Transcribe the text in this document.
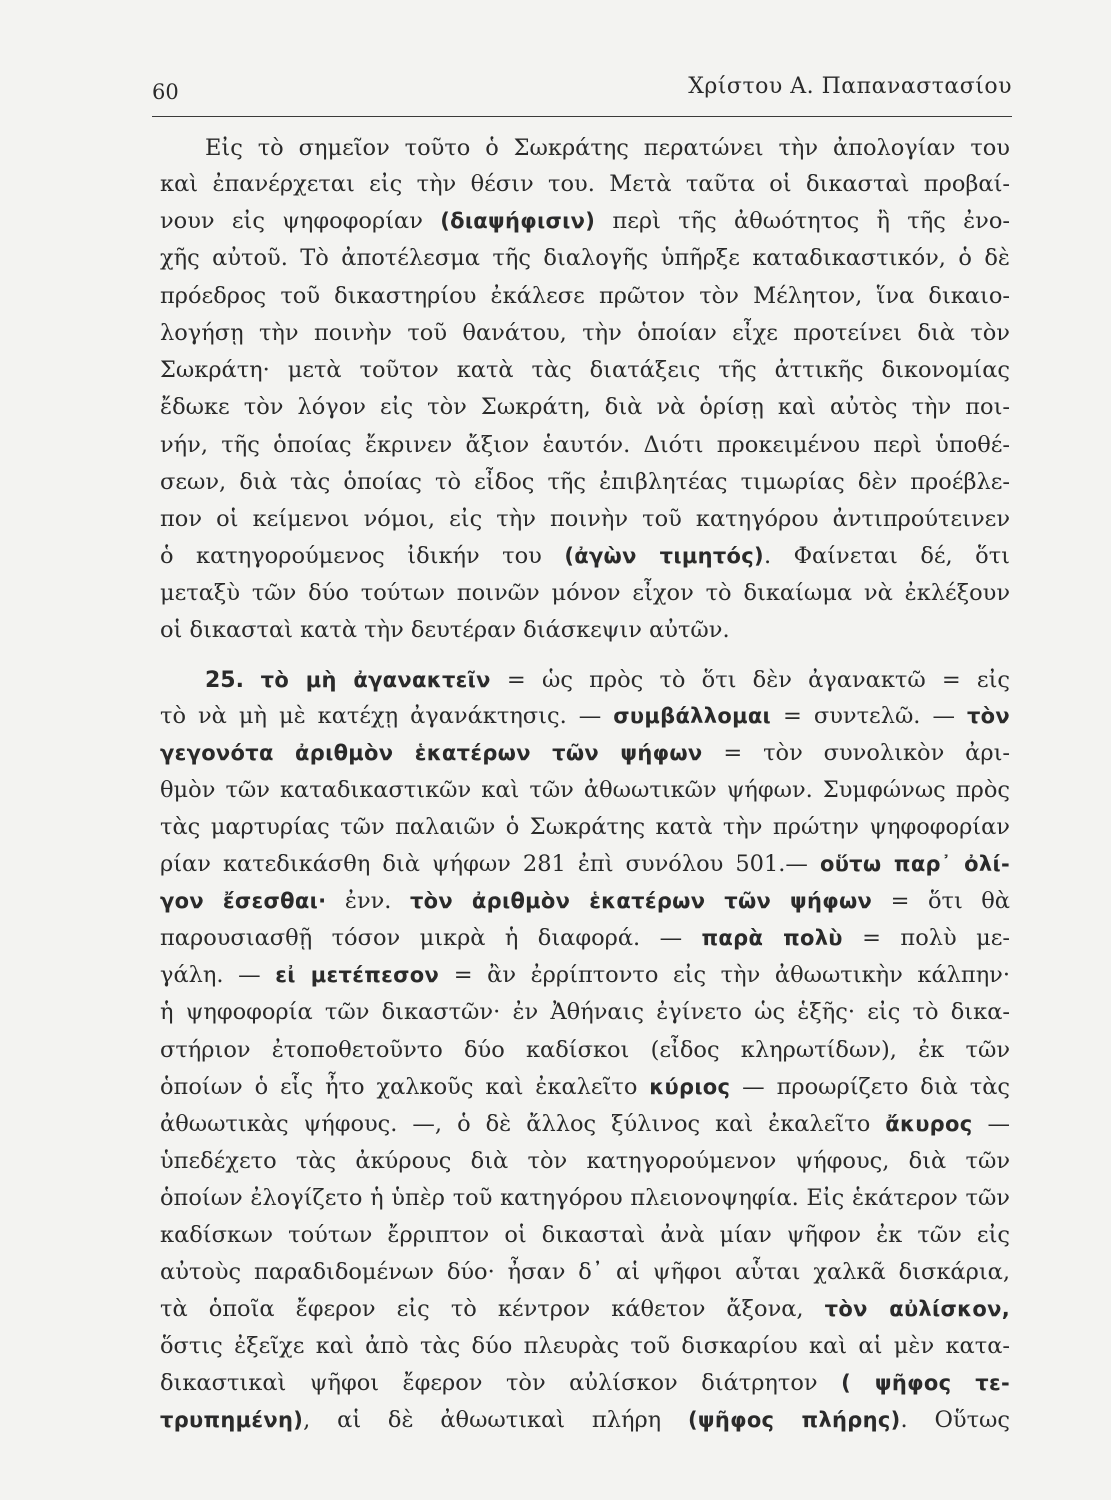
60	Χρίστου Α. Παπαναστασίου
Εἰς τὸ σημεῖον τοῦτο ὁ Σωκράτης περατώνει τὴν ἀπολογίαν του
καὶ ἐπανέρχεται εἰς τὴν θέσιν του. Μετὰ ταῦτα οἱ δικασταὶ προβαί-
νουν εἰς ψηφοφορίαν (διαψήφισιν) περὶ τῆς ἀθωότητος ἢ τῆς ἐνο-
χῆς αὐτοῦ. Τὸ ἀποτέλεσμα τῆς διαλογῆς ὑπῆρξε καταδικαστικόν, ὁ δὲ
πρόεδρος τοῦ δικαστηρίου ἐκάλεσε πρῶτον τὸν Μέλητον, ἵνα δικαιο-
λογήσῃ τὴν ποινὴν τοῦ θανάτου, τὴν ὁποίαν εἶχε προτείνει διὰ τὸν
Σωκράτη· μετὰ τοῦτον κατὰ τὰς διατάξεις τῆς ἀττικῆς δικονομίας
ἔδωκε τὸν λόγον εἰς τὸν Σωκράτη, διὰ νὰ ὁρίσῃ καὶ αὐτὸς τὴν ποι-
νήν, τῆς ὁποίας ἔκρινεν ἄξιον ἑαυτόν. Διότι προκειμένου περὶ ὑποθέ-
σεων, διὰ τὰς ὁποίας τὸ εἶδος τῆς ἐπιβλητέας τιμωρίας δὲν προέβλε-
πον οἱ κείμενοι νόμοι, εἰς τὴν ποινὴν τοῦ κατηγόρου ἀντιπρούτεινεν
ὁ κατηγορούμενος ἰδικήν του (ἀγὼν τιμητός). Φαίνεται δέ, ὅτι
μεταξὺ τῶν δύο τούτων ποινῶν μόνον εἶχον τὸ δικαίωμα νὰ ἐκλέξουν
οἱ δικασταὶ κατὰ τὴν δευτέραν διάσκεψιν αὐτῶν.
25. τὸ μὴ ἀγανακτεῖν = ὡς πρὸς τὸ ὅτι δὲν ἀγανακτῶ = εἰς
τὸ νὰ μὴ μὲ κατέχῃ ἀγανάκτησις. — συμβάλλομαι = συντελῶ. — τὸν
γεγονότα ἀριθμὸν ἑκατέρων τῶν ψήφων = τὸν συνολικὸν ἀρι-
θμὸν τῶν καταδικαστικῶν καὶ τῶν ἀθωωτικῶν ψήφων. Συμφώνως πρὸς
τὰς μαρτυρίας τῶν παλαιῶν ὁ Σωκράτης κατὰ τὴν πρώτην ψηφοφορίαν
ρίαν κατεδικάσθη διὰ ψήφων 281 ἐπὶ συνόλου 501.— οὕτω παρ᾽ ὀλί-
γον ἔσεσθαι· ἐνν. τὸν ἀριθμὸν ἑκατέρων τῶν ψήφων = ὅτι θὰ
παρουσιασθῇ τόσον μικρὰ ἡ διαφορά. — παρὰ πολὺ = πολὺ με-
γάλη. — εἰ μετέπεσον = ἂν ἐρρίπτοντο εἰς τὴν ἀθωωτικὴν κάλπην·
ἡ ψηφοφορία τῶν δικαστῶν· ἐν Ἀθήναις ἐγίνετο ὡς ἑξῆς· εἰς τὸ δικα-
στήριον ἐτοποθετοῦντο δύο καδίσκοι (εἶδος κληρωτίδων), ἐκ τῶν
ὁποίων ὁ εἷς ἦτο χαλκοῦς καὶ ἐκαλεῖτο κύριος — προωρίζετο διὰ τὰς
ἀθωωτικὰς ψήφους. —, ὁ δὲ ἄλλος ξύλινος καὶ ἐκαλεῖτο ἄκυρος —
ὑπεδέχετο τὰς ἀκύρους διὰ τὸν κατηγορούμενον ψήφους, διὰ τῶν
ὁποίων ἐλογίζετο ἡ ὑπὲρ τοῦ κατηγόρου πλειονοψηφία. Εἰς ἑκάτερον τῶν
καδίσκων τούτων ἔρριπτον οἱ δικασταὶ ἀνὰ μίαν ψῆφον ἐκ τῶν εἰς
αὐτοὺς παραδιδομένων δύο· ἦσαν δ᾽ αἱ ψῆφοι αὗται χαλκᾶ δισκάρια,
τὰ ὁποῖα ἔφερον εἰς τὸ κέντρον κάθετον ἄξονα, τὸν αὐλίσκον,
ὅστις ἐξεῖχε καὶ ἀπὸ τὰς δύο πλευρὰς τοῦ δισκαρίου καὶ αἱ μὲν κατα-
δικαστικαὶ ψῆφοι ἔφερον τὸν αὐλίσκον διάτρητον ( ψῆφος τε-
τρυπημένη), αἱ δὲ ἀθωωτικαὶ πλήρη (ψῆφος πλήρης). Οὕτως
